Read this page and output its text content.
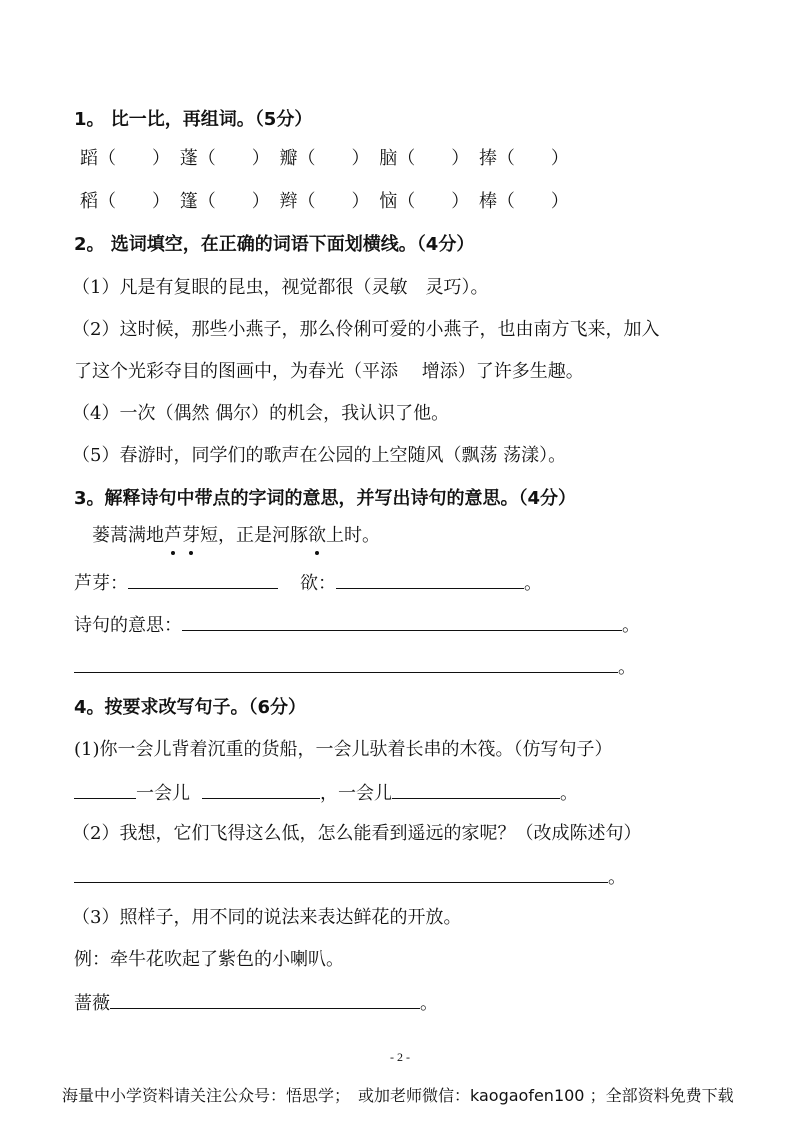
1。 比一比，再组词。（5分）
蹈（　　） 蓬（　　） 瓣（　　） 脑（　　） 捧（　　）
稻（　　） 篷（　　） 辫（　　） 恼（　　） 棒（　　）
2。 选词填空，在正确的词语下面划横线。（4分）
（1）凡是有复眼的昆虫，视觉都很（灵敏　灵巧）。
（2）这时候，那些小燕子，那么伶俐可爱的小燕子，也由南方飞来，加入
了这个光彩夺目的图画中，为春光（平添　 增添）了许多生趣。
（4）一次（偶然 偶尔）的机会，我认识了他。
（5）春游时，同学们的歌声在公园的上空随风（飘荡 荡漾）。
3。解释诗句中带点的字词的意思，并写出诗句的意思。（4分）
蒌蒿满地芦芽短，正是河豚欲上时。
芦芽：	欲：	。
诗句的意思：	。
。
4。按要求改写句子。（6分）
(1)你一会儿背着沉重的货船，一会儿驮着长串的木筏。（仿写句子）
一会儿	，一会儿	。
（2）我想，它们飞得这么低，怎么能看到遥远的家呢？（改成陈述句）
。
（3）照样子，用不同的说法来表达鲜花的开放。
例：牵牛花吹起了紫色的小喇叭。
蔷薇	。
- 2 -
海量中小学资料请关注公众号：悟思学；　或加老师微信：kaogaofen100 ；全部资料免费下载
